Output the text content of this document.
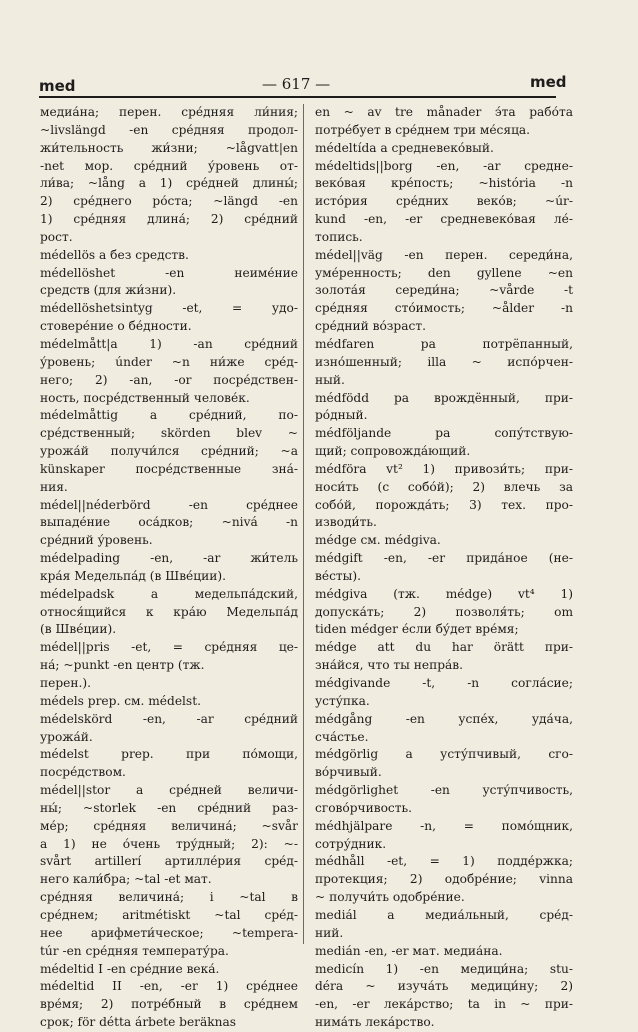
med	— 617 —	med
медиа́на; перен. сре́дняя ли́ния;
~livslängd -en сре́дняя продол-
жи́тельность жи́зни; ~lågvatt|en
-net мор. сре́дний у́ровень от-
ли́ва; ~lång a 1) сре́дней длины́;
2) сре́днего ро́ста; ~längd -en
1) сре́дняя длина́; 2) сре́дний
рост.
médellös a без средств.
médellöshet -en неиме́ние
средств (для жи́зни).
médellöshetsintyg -et, = удо-
стовере́ние о бе́дности.
médelmått|a 1) -an сре́дний
у́ровень; únder ~n ни́же сре́д-
него; 2) -an, -or посре́дствен-
ность, посре́дственный челове́к.
médelmåttig a сре́дний, по-
сре́дственный; skörden blev ~
урожа́й получи́лся сре́дний; ~a
künskaper посре́дственные зна́-
ния.
médel||néderbörd -en сре́днее
выпаде́ние оса́дков; ~nivá -n
сре́дний у́ровень.
médelpading -en, -ar жи́тель
кра́я Медельпа́д (в Шве́ции).
médelpadsk a медельпа́дский,
относя́щийся к кра́ю Медельпа́д
(в Шве́ции).
médel||pris -et, = сре́дняя це-
на́; ~punkt -en центр (тж.
перен.).
médels prep. см. médelst.
médelskörd -en, -ar сре́дний
урожа́й.
médelst prep. при по́мощи,
посре́дством.
médel||stor a сре́дней величи-
ны́; ~storlek -en сре́дний раз-
ме́р; сре́дняя величина́; ~svår
a 1) не о́чень тру́дный; 2): ~-
svårt artillerí артилле́рия сре́д-
него кали́бра; ~tal -et мат.
сре́дняя величина́; i ~tal в
сре́днем; aritmétiskt ~tal сре́д-
нее арифмети́ческое; ~tempera-
túr -en сре́дняя температу́ра.
médeltid I -en сре́дние века́.
médeltid II -en, -er 1) сре́днее
вре́мя; 2) потре́бный в сре́днем
срок; för détta árbete beräknas
en ~ av tre månader э́та рабо́та
потре́бует в сре́днем три ме́сяца.
médeltída a средневеко́вый.
médeltids||borg -en, -ar средне-
веко́вая кре́пость; ~história -n
исто́рия сре́дних веко́в; ~úr-
kund -en, -er средневеко́вая ле́-
топись.
médel||väg -en перен. середи́на,
уме́ренность; den gyllene ~en
золота́я середи́на; ~vårde -t
сре́дняя сто́имость; ~ålder -n
сре́дний во́зраст.
médfaren pa потрёпанный,
изно́шенный; illa ~ испо́рчен-
ный.
médfödd pa врождённый, при-
ро́дный.
médföljande pa сопу́тствую-
щий; сопровожда́ющий.
médföra vt² 1) привози́ть; при-
носи́ть (с собо́й); 2) влечь за
собо́й, порожда́ть; 3) тех. про-
изводи́ть.
médge см. médgiva.
médgift -en, -er прида́ное (не-
ве́сты).
médgiva (тж. médge) vt⁴ 1)
допуска́ть; 2) позволя́ть; om
tiden médger е́сли бу́дет вре́мя;
médge att du har örätt при-
зна́йся, что ты непра́в.
médgivande -t, -n согла́сие;
усту́пка.
médgång -en успе́х, уда́ча,
сча́стье.
médgörlig a усту́пчивый, сго-
во́рчивый.
médgörlighet -en усту́пчивость,
сгово́рчивость.
médhjälpare -n, = помо́щник,
сотру́дник.
médhåll -et, = 1) подде́ржка;
протекция; 2) одобре́ние; vinna
~ получи́ть одобре́ние.
mediál a медиа́льный, сре́д-
ний.
medián -en, -er мат. медиа́на.
medicín 1) -en медици́на; stu-
déra ~ изуча́ть медици́ну; 2)
-en, -er лека́рство; ta in ~ при-
нима́ть лека́рство.
